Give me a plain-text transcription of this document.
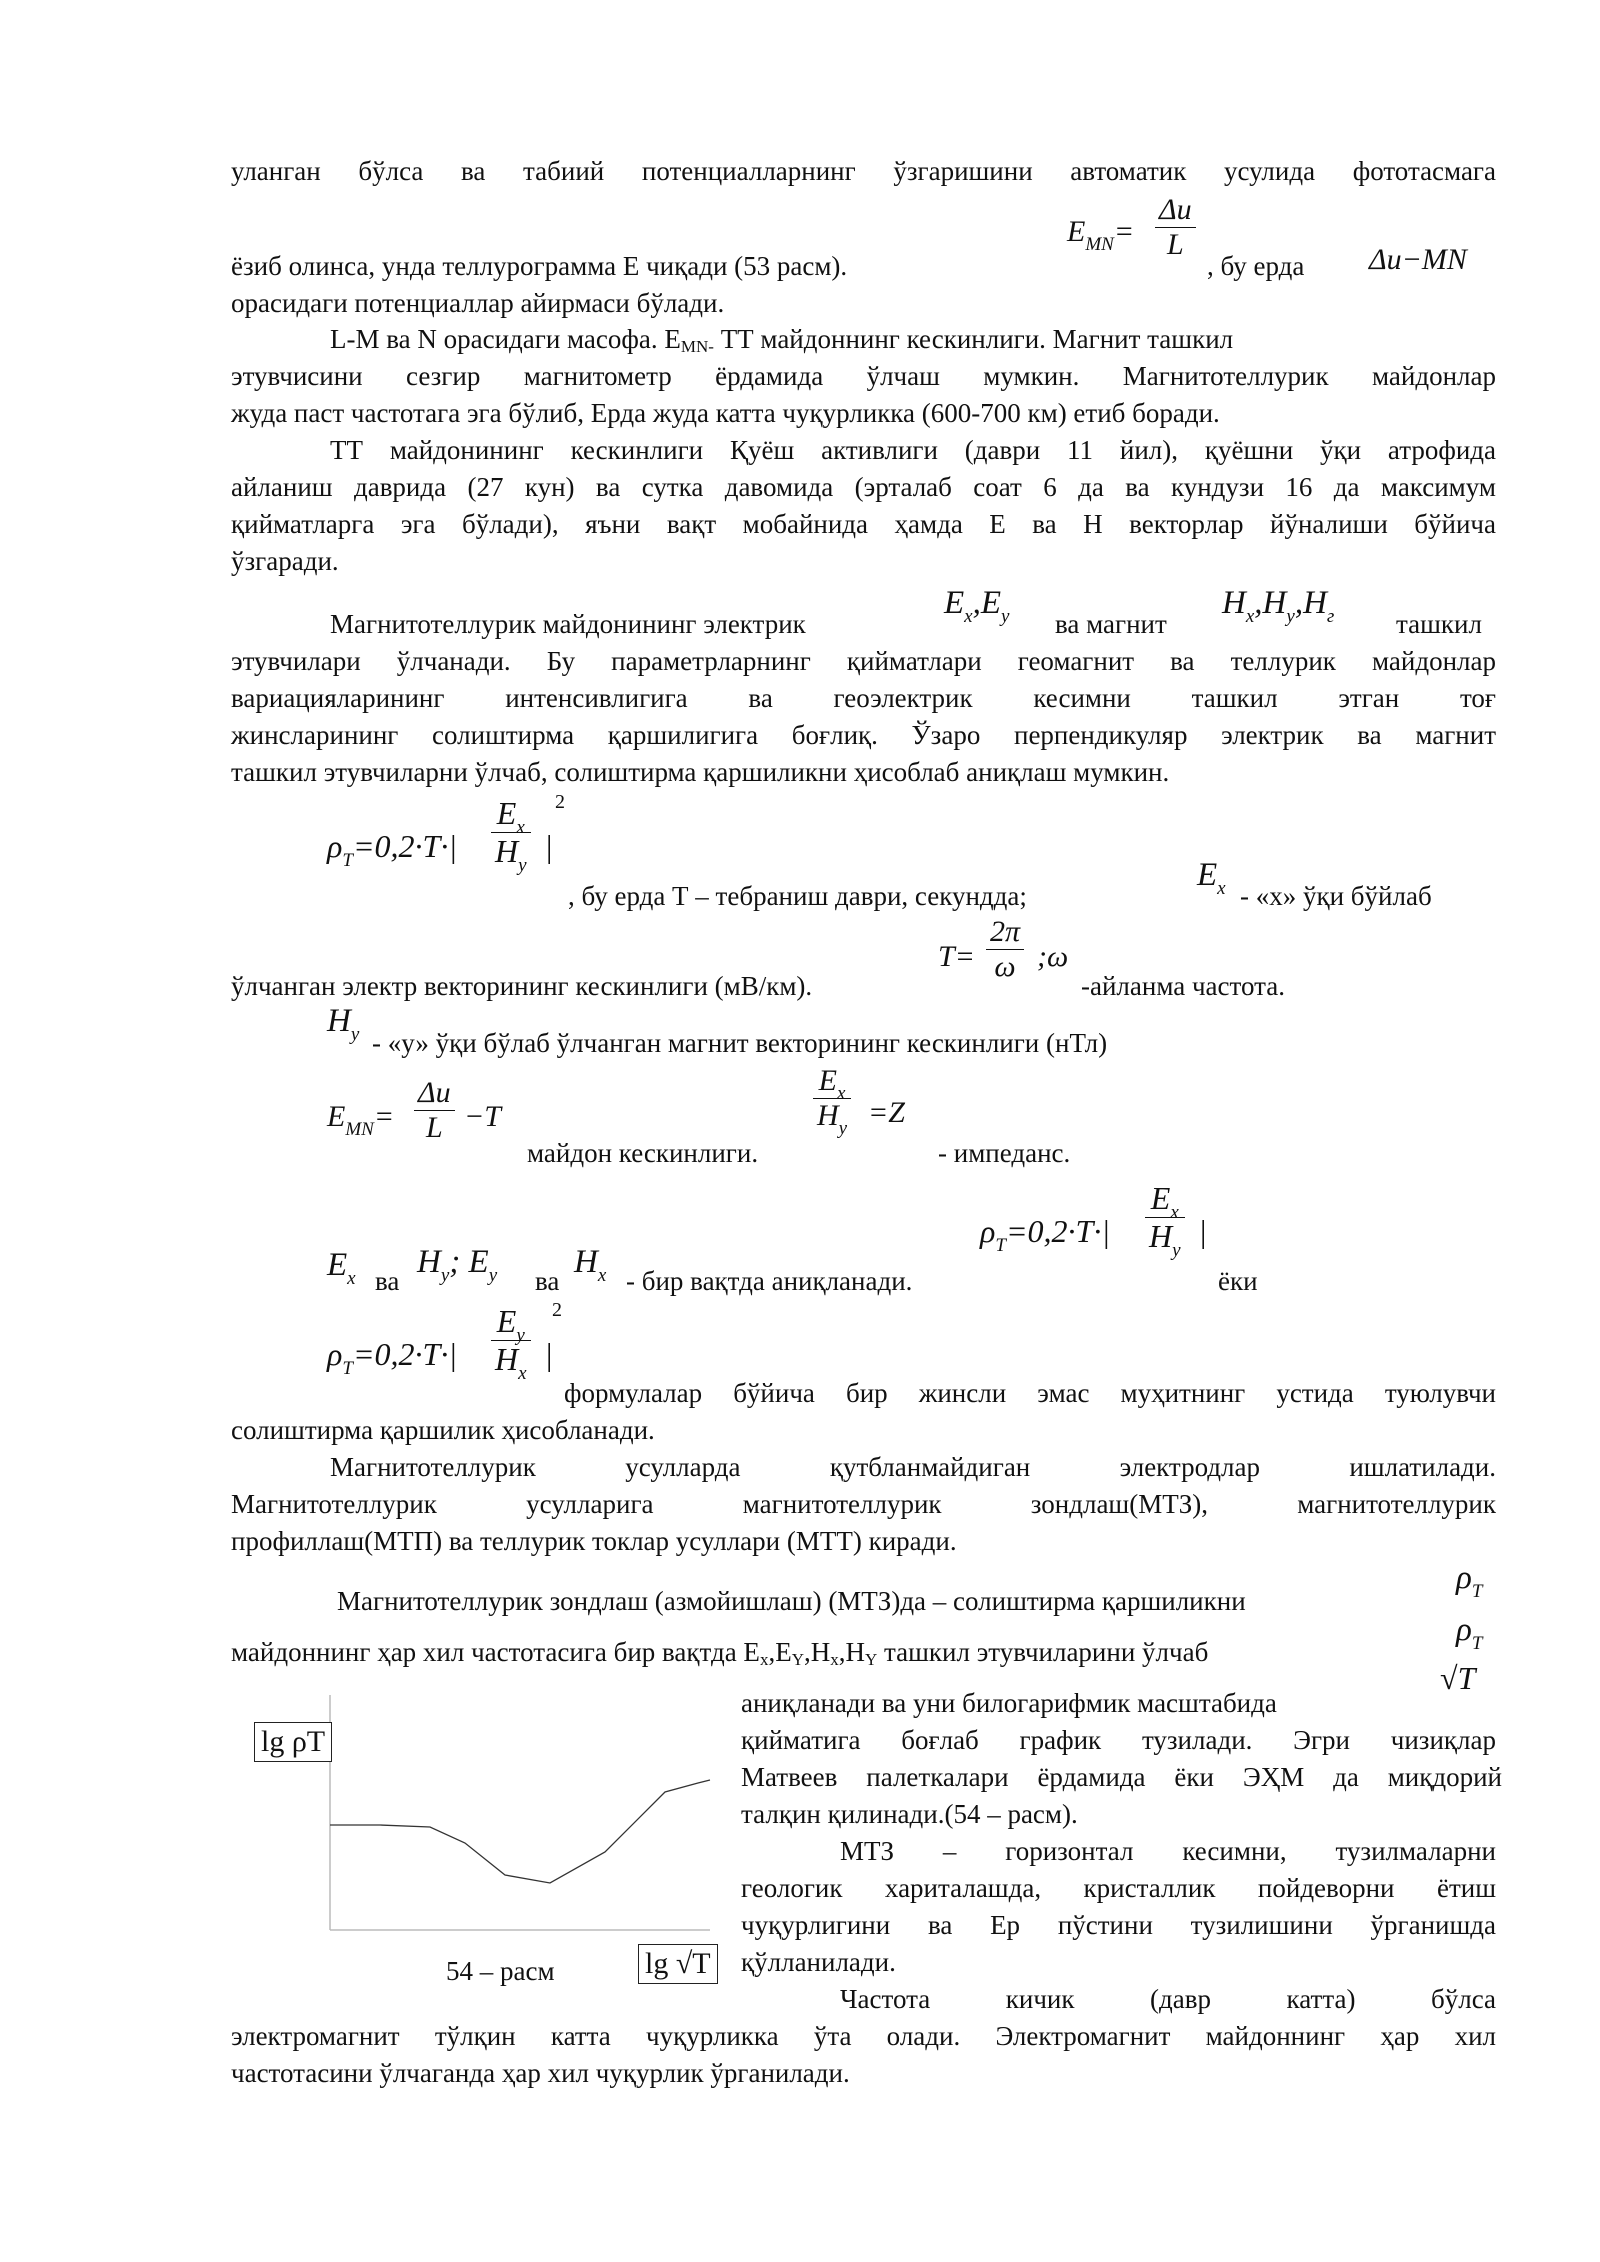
уланган бўлса ва табиий потенциалларнинг ўзгаришини автоматик усулида фототасмага
ёзиб олинса, унда теллурограмма Е чиқади (53 расм).
$E_{MN}=$
Δu
L
, бу ерда Δu−MN
орасидаги потенциаллар айирмаси бўлади.
L-M ва N орасидаги масофа. EMN- ТТ майдоннинг кескинлиги. Магнит ташкил
этувчисини сезгир магнитометр ёрдамида ўлчаш мумкин. Магнитотеллурик майдонлар
жуда паст частотага эга бўлиб, Ерда жуда катта чуқурликка (600-700 км) етиб боради.
ТТ майдонининг кескинлиги Қуёш активлиги (даври 11 йил), қуёшни ўқи атрофида
айланиш даврида (27 кун) ва сутка давомида (эрталаб соат 6 да ва кундузи 16 да максимум
қийматларга эга бўлади), яъни вақт мобайнида ҳамда Е ва Н векторлар йўналиши бўйича
ўзгаради.
Магнитотеллурик майдонининг электрик
$E_x,E_y$ ва магнит
$H_x,H_y,H_г$ ташкил
этувчилари ўлчанади. Бу параметрларнинг қийматлари геомагнит ва теллурик майдонлар
вариацияларининг интенсивлигига ва геоэлектрик кесимни ташкил этган тоғ
жинсларининг солиштирма қаршилигига боғлиқ. Ўзаро перпендикуляр электрик ва магнит
ташкил этувчиларни ўлчаб, солиштирма қаршиликни ҳисоблаб аниқлаш мумкин.
$\rho_T=0,2\cdot T\cdot|$
$E_x$
$H_y$
|
2
, бу ерда Т – тебраниш даври, секундда;
$E_x$ - «х» ўқи бўйлаб
ўлчанган электр векторининг кескинлиги (мВ/км).
T=
2π
ω ;ω
-айланма частота.
$H_y$ - «у» ўқи бўлаб ўлчанган магнит векторининг кескинлиги (нТл)
$E_{MN}=$
Δu
L −T
майдон кескинлиги.
$E_x$
$H_y =Z$
- импеданс.
$\rho_T=0,2\cdot T\cdot|$
$E_x$
$H_y$
|
$E_x$ ва
$H_y$; $E_y$ ва
$H_x$ - бир вақтда аниқланади.	ёки
$\rho_T=0,2\cdot T\cdot|$
$E_y$
$H_x$
|
2
формулалар бўйича бир жинсли эмас муҳитнинг устида туюлувчи
солиштирма қаршилик ҳисобланади.
Магнитотеллурик усулларда қутбланмайдиган электродлар ишлатилади.
Магнитотеллурик усулларига магнитотеллурик зондлаш(МТЗ), магнитотеллурик
профиллаш(МТП) ва теллурик токлар усуллари (МТТ) киради.
Магнитотеллурик зондлаш (азмойишлаш) (МТЗ)да – солиштирма қаршиликни
$\rho_T$
майдоннинг ҳар хил частотасига бир вақтда Ex,EY,Hx,HY ташкил этувчиларини ўлчаб
$\rho_T$
lg ρT
54 – расм	lg √T
аниқланади ва уни билогарифмик масштабида
√T
қийматига боғлаб график тузилади. Эгри чизиқлар
Матвеев палеткалари ёрдамида ёки ЭҲМ да миқдорий
талқин қилинади.(54 – расм).
МТЗ – горизонтал кесимни, тузилмаларни
геологик хариталашда, кристаллик пойдеворни ётиш
чуқурлигини ва Ер пўстини тузилишини ўрганишда
қўлланилади.
Частота кичик (давр катта) бўлса
электромагнит тўлқин катта чуқурликка ўта олади. Электромагнит майдоннинг ҳар хил
частотасини ўлчаганда ҳар хил чуқурлик ўрганилади.
